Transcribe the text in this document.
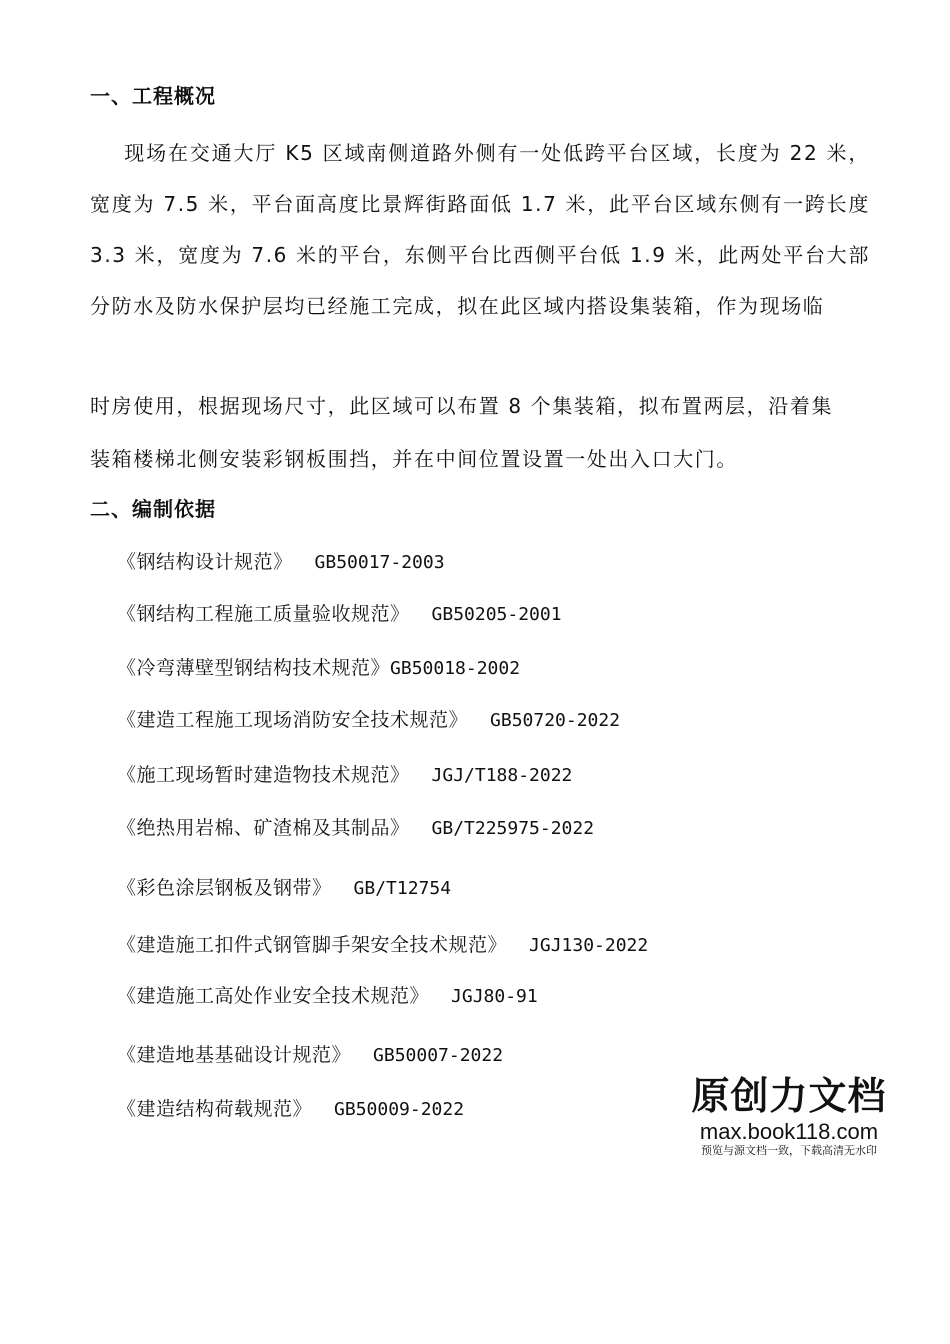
一、工程概况
现场在交通大厅 K5 区域南侧道路外侧有一处低跨平台区域，长度为 22 米， 宽度为 7.5 米，平台面高度比景辉街路面低 1.7 米，此平台区域东侧有一跨长度 3.3 米，宽度为 7.6 米的平台，东侧平台比西侧平台低 1.9 米，此两处平台大部 分防水及防水保护层均已经施工完成，拟在此区域内搭设集装箱，作为现场临
时房使用，根据现场尺寸，此区域可以布置 8 个集装箱，拟布置两层，沿着集
装箱楼梯北侧安装彩钢板围挡，并在中间位置设置一处出入口大门。
二、编制依据
《钢结构设计规范》 GB50017-2003
《钢结构工程施工质量验收规范》 GB50205-2001
《冷弯薄壁型钢结构技术规范》GB50018-2002
《建造工程施工现场消防安全技术规范》 GB50720-2022
《施工现场暂时建造物技术规范》 JGJ/T188-2022
《绝热用岩棉、矿渣棉及其制品》 GB/T225975-2022
《彩色涂层钢板及钢带》 GB/T12754
《建造施工扣件式钢管脚手架安全技术规范》 JGJ130-2022
《建造施工高处作业安全技术规范》 JGJ80-91
《建造地基基础设计规范》 GB50007-2022
《建造结构荷载规范》 GB50009-2022	原创力文档
max.book118.com
预览与源文档一致，下载高清无水印
